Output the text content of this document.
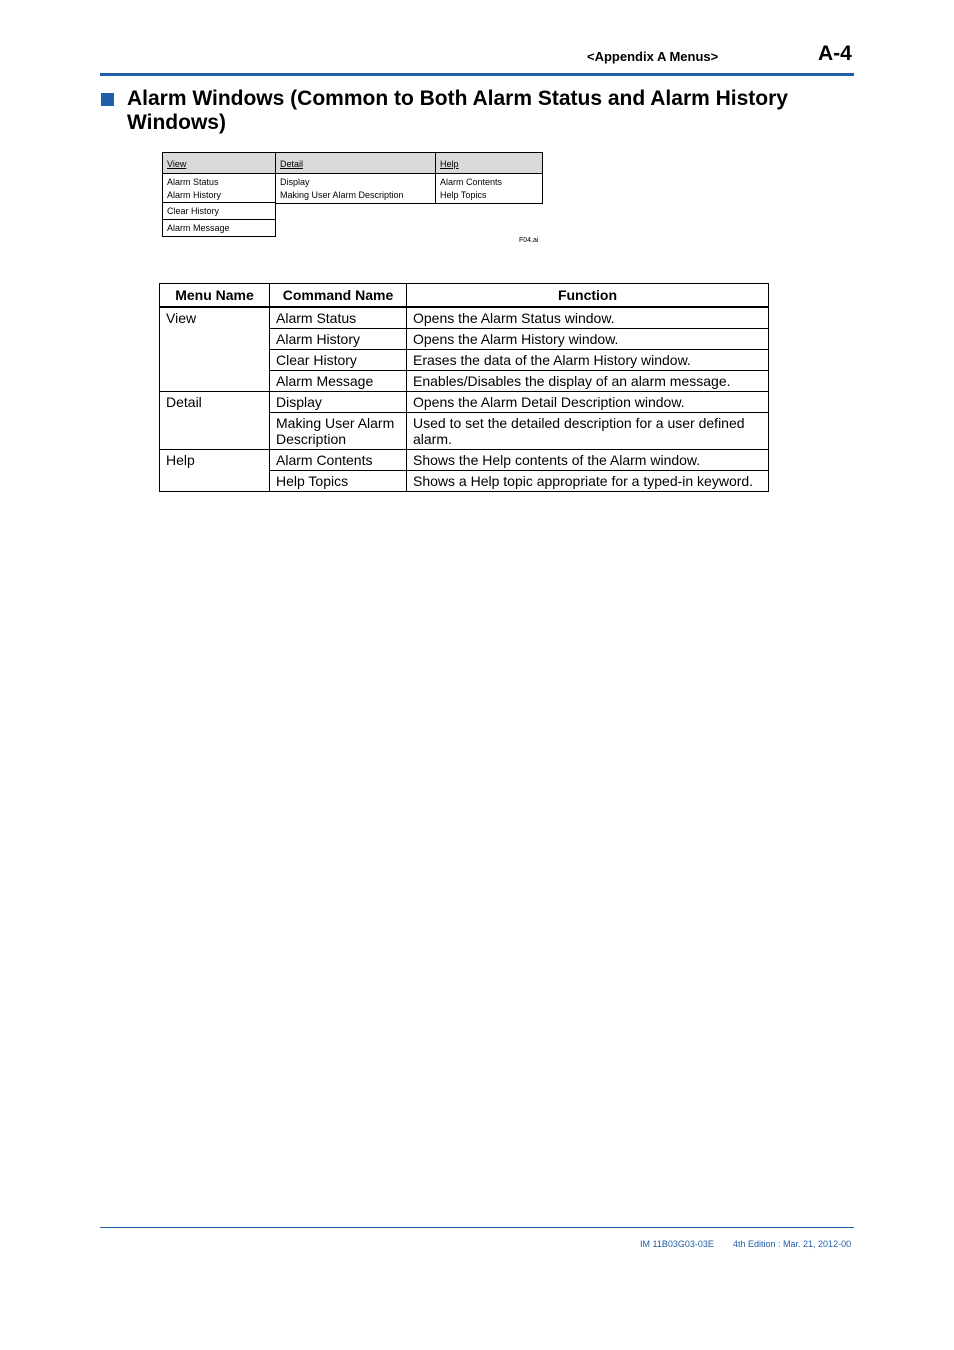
<Appendix A Menus>	A-4
Alarm Windows (Common to Both Alarm Status and Alarm History Windows)
View
Alarm Status
Alarm History
Clear History
Alarm Message
Detail
Display
Making User Alarm Description
Help
Alarm Contents
Help Topics
F04.ai
Menu Name	Command Name	Function
View	Alarm Status	Opens the Alarm Status window.
	Alarm History	Opens the Alarm History window.
	Clear History	Erases the data of the Alarm History window.
	Alarm Message	Enables/Disables the display of an alarm message.
Detail	Display	Opens the Alarm Detail Description window.
	Making User Alarm Description	Used to set the detailed description for a user defined alarm.
Help	Alarm Contents	Shows the Help contents of the Alarm window.
	Help Topics	Shows a Help topic appropriate for a typed-in keyword.
IM 11B03G03-03E 4th Edition : Mar. 21, 2012-00
